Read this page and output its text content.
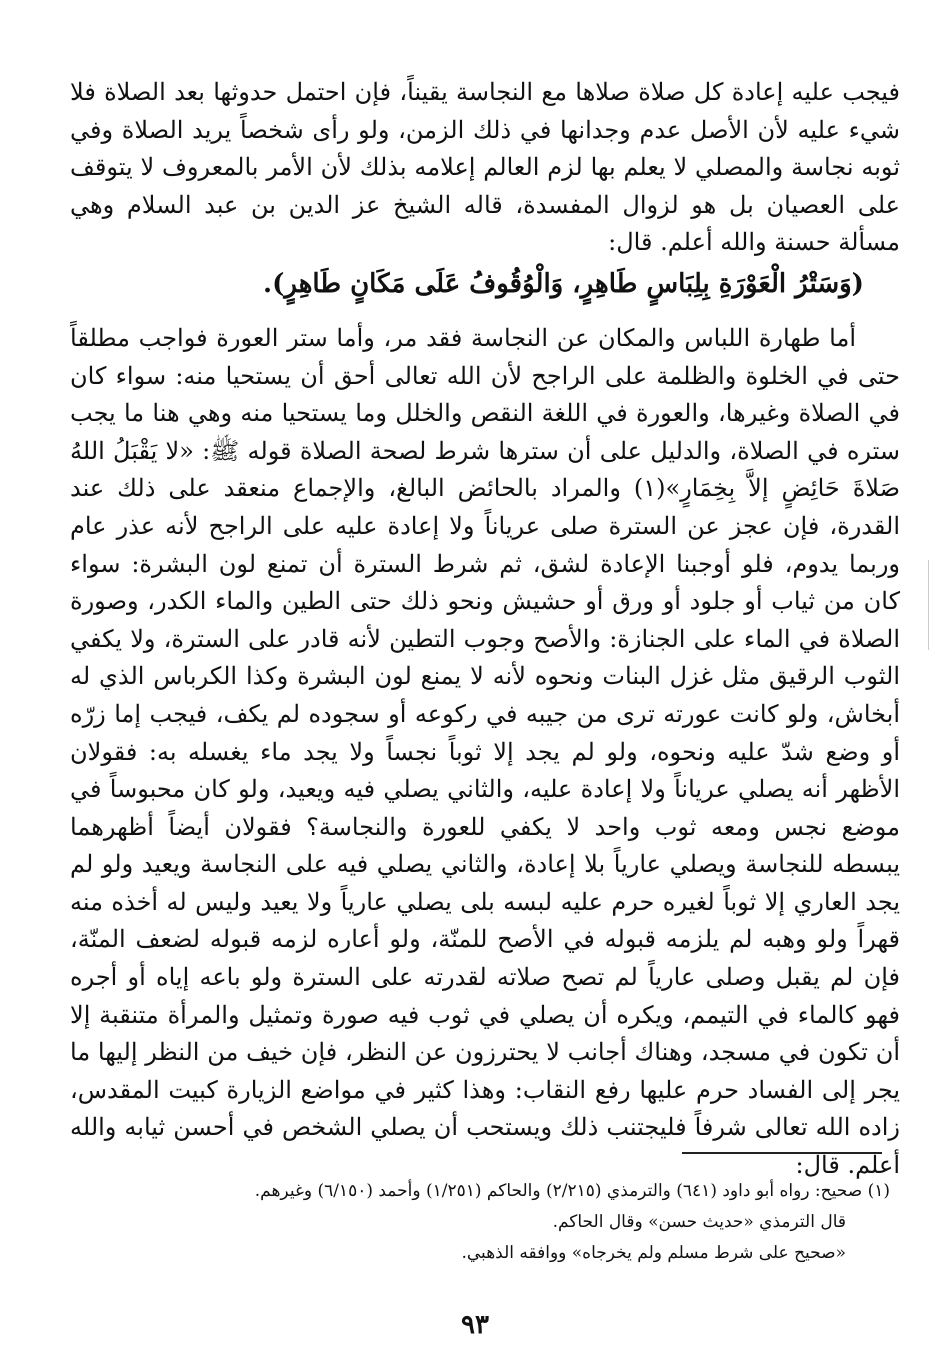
فيجب عليه إعادة كل صلاة صلاها مع النجاسة يقيناً، فإن احتمل حدوثها بعد الصلاة فلا شيء عليه لأن الأصل عدم وجدانها في ذلك الزمن، ولو رأى شخصاً يريد الصلاة وفي ثوبه نجاسة والمصلي لا يعلم بها لزم العالم إعلامه بذلك لأن الأمر بالمعروف لا يتوقف على العصيان بل هو لزوال المفسدة، قاله الشيخ عز الدين بن عبد السلام وهي مسألة حسنة والله أعلم. قال:

(وَسَتْرُ الْعَوْرَةِ بِلِبَاسٍ طَاهِرٍ، وَالْوُقُوفُ عَلَى مَكَانٍ طَاهِرٍ).

أما طهارة اللباس والمكان عن النجاسة فقد مر، وأما ستر العورة فواجب مطلقاً حتى في الخلوة والظلمة على الراجح لأن الله تعالى أحق أن يستحيا منه: سواء كان في الصلاة وغيرها، والعورة في اللغة النقص والخلل وما يستحيا منه وهي هنا ما يجب ستره في الصلاة، والدليل على أن سترها شرط لصحة الصلاة قوله ﷺ: «لا يَقْبَلُ اللهُ صَلاةَ حَائِضٍ إلاَّ بِخِمَارٍ»(١) والمراد بالحائض البالغ، والإجماع منعقد على ذلك عند القدرة، فإن عجز عن السترة صلى عرياناً ولا إعادة عليه على الراجح لأنه عذر عام وربما يدوم، فلو أوجبنا الإعادة لشق، ثم شرط السترة أن تمنع لون البشرة: سواء كان من ثياب أو جلود أو ورق أو حشيش ونحو ذلك حتى الطين والماء الكدر، وصورة الصلاة في الماء على الجنازة: والأصح وجوب التطين لأنه قادر على السترة، ولا يكفي الثوب الرقيق مثل غزل البنات ونحوه لأنه لا يمنع لون البشرة وكذا الكرباس الذي له أبخاش، ولو كانت عورته ترى من جيبه في ركوعه أو سجوده لم يكف، فيجب إما زرّه أو وضع شدّ عليه ونحوه، ولو لم يجد إلا ثوباً نجساً ولا يجد ماء يغسله به: فقولان الأظهر أنه يصلي عرياناً ولا إعادة عليه، والثاني يصلي فيه ويعيد، ولو كان محبوساً في موضع نجس ومعه ثوب واحد لا يكفي للعورة والنجاسة؟ فقولان أيضاً أظهرهما يبسطه للنجاسة ويصلي عارياً بلا إعادة، والثاني يصلي فيه على النجاسة ويعيد ولو لم يجد العاري إلا ثوباً لغيره حرم عليه لبسه بلى يصلي عارياً ولا يعيد وليس له أخذه منه قهراً ولو وهبه لم يلزمه قبوله في الأصح للمنّة، ولو أعاره لزمه قبوله لضعف المنّة، فإن لم يقبل وصلى عارياً لم تصح صلاته لقدرته على السترة ولو باعه إياه أو أجره فهو كالماء في التيمم، ويكره أن يصلي في ثوب فيه صورة وتمثيل والمرأة متنقبة إلا أن تكون في مسجد، وهناك أجانب لا يحترزون عن النظر، فإن خيف من النظر إليها ما يجر إلى الفساد حرم عليها رفع النقاب: وهذا كثير في مواضع الزيارة كبيت المقدس، زاده الله تعالى شرفاً فليجتنب ذلك ويستحب أن يصلي الشخص في أحسن ثيابه والله أعلم. قال:

(١) صحيح: رواه أبو داود (٦٤١) والترمذي (٢/٢١٥) والحاكم (١/٢٥١) وأحمد (٦/١٥٠) وغيرهم.

قال الترمذي «حديث حسن» وقال الحاكم.

«صحيح على شرط مسلم ولم يخرجاه» ووافقه الذهبي.

٩٣
